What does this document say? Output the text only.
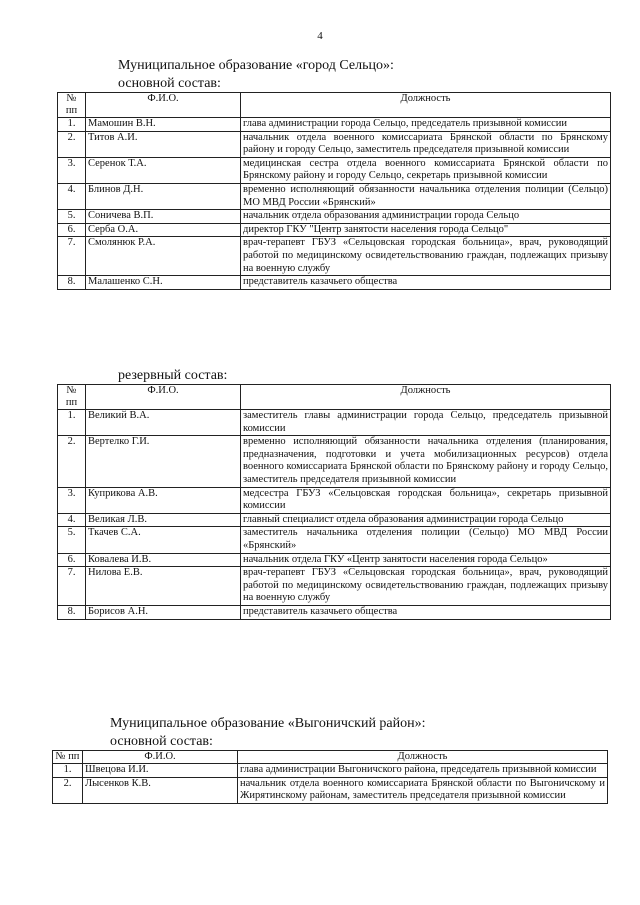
4
Муниципальное образование «город Сельцо»:
основной состав:
№ пп	Ф.И.О.	Должность
1.	Мамошин В.Н.	глава администрации города Сельцо, председатель призывной комиссии
2.	Титов А.И.	начальник отдела военного комиссариата Брянской области по Брянскому району и городу Сельцо, заместитель председателя призывной комиссии
3.	Серенок Т.А.	медицинская сестра отдела военного комиссариата Брянской области по Брянскому району и городу Сельцо, секретарь призывной комиссии
4.	Блинов Д.Н.	временно исполняющий обязанности начальника отделения полиции (Сельцо) МО МВД России «Брянский»
5.	Соничева В.П.	начальник отдела образования администрации города Сельцо
6.	Серба О.А.	директор ГКУ "Центр занятости населения города Сельцо"
7.	Смолянюк Р.А.	врач-терапевт ГБУЗ «Сельцовская городская больница», врач, руководящий работой по медицинскому освидетельствованию граждан, подлежащих призыву на военную службу
8.	Малашенко С.Н.	представитель казачьего общества
резервный состав:
№ пп	Ф.И.О.	Должность
1.	Великий В.А.	заместитель главы администрации города Сельцо, председатель призывной комиссии
2.	Вертелко Г.И.	временно исполняющий обязанности начальника отделения (планирования, предназначения, подготовки и учета мобилизационных ресурсов) отдела военного комиссариата Брянской области по Брянскому району и городу Сельцо, заместитель председателя призывной комиссии
3.	Куприкова А.В.	медсестра ГБУЗ «Сельцовская городская больница», секретарь призывной комиссии
4.	Великая Л.В.	главный специалист отдела образования администрации города Сельцо
5.	Ткачев С.А.	заместитель начальника отделения полиции (Сельцо) МО МВД России «Брянский»
6.	Ковалева И.В.	начальник отдела ГКУ «Центр занятости населения города Сельцо»
7.	Нилова Е.В.	врач-терапевт ГБУЗ «Сельцовская городская больница», врач, руководящий работой по медицинскому освидетельствованию граждан, подлежащих призыву на военную службу
8.	Борисов А.Н.	представитель казачьего общества
Муниципальное образование «Выгоничский район»:
основной состав:
№ пп	Ф.И.О.	Должность
1.	Швецова И.И.	глава администрации Выгоничского района, председатель призывной комиссии
2.	Лысенков К.В.	начальник отдела военного комиссариата Брянской области по Выгоничскому и Жирятинскому районам, заместитель председателя призывной комиссии
